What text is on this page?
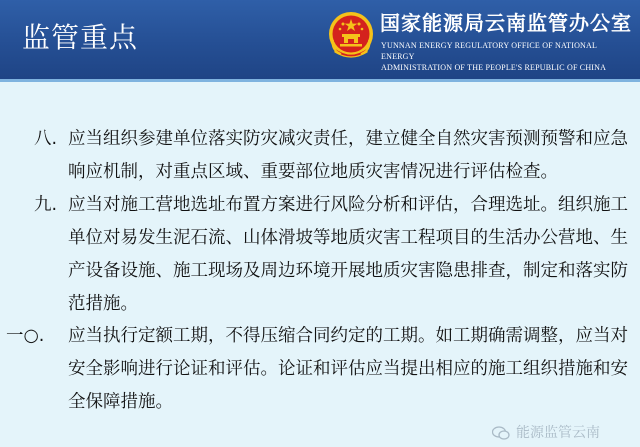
监管重点	国家能源局云南监管办公室
YUNNAN ENERGY REGULATORY OFFICE OF NATIONAL ENERGY
ADMINISTRATION OF THE PEOPLE'S REPUBLIC OF CHINA
八. 应当组织参建单位落实防灾减灾责任，建立健全自然灾害预测预警和应急响应机制，对重点区域、重要部位地质灾害情况进行评估检查。
九. 应当对施工营地选址布置方案进行风险分析和评估，合理选址。组织施工单位对易发生泥石流、山体滑坡等地质灾害工程项目的生活办公营地、生产设备设施、施工现场及周边环境开展地质灾害隐患排查，制定和落实防范措施。
一○. 应当执行定额工期，不得压缩合同约定的工期。如工期确需调整，应当对安全影响进行论证和评估。论证和评估应当提出相应的施工组织措施和安全保障措施。
能源监管云南
